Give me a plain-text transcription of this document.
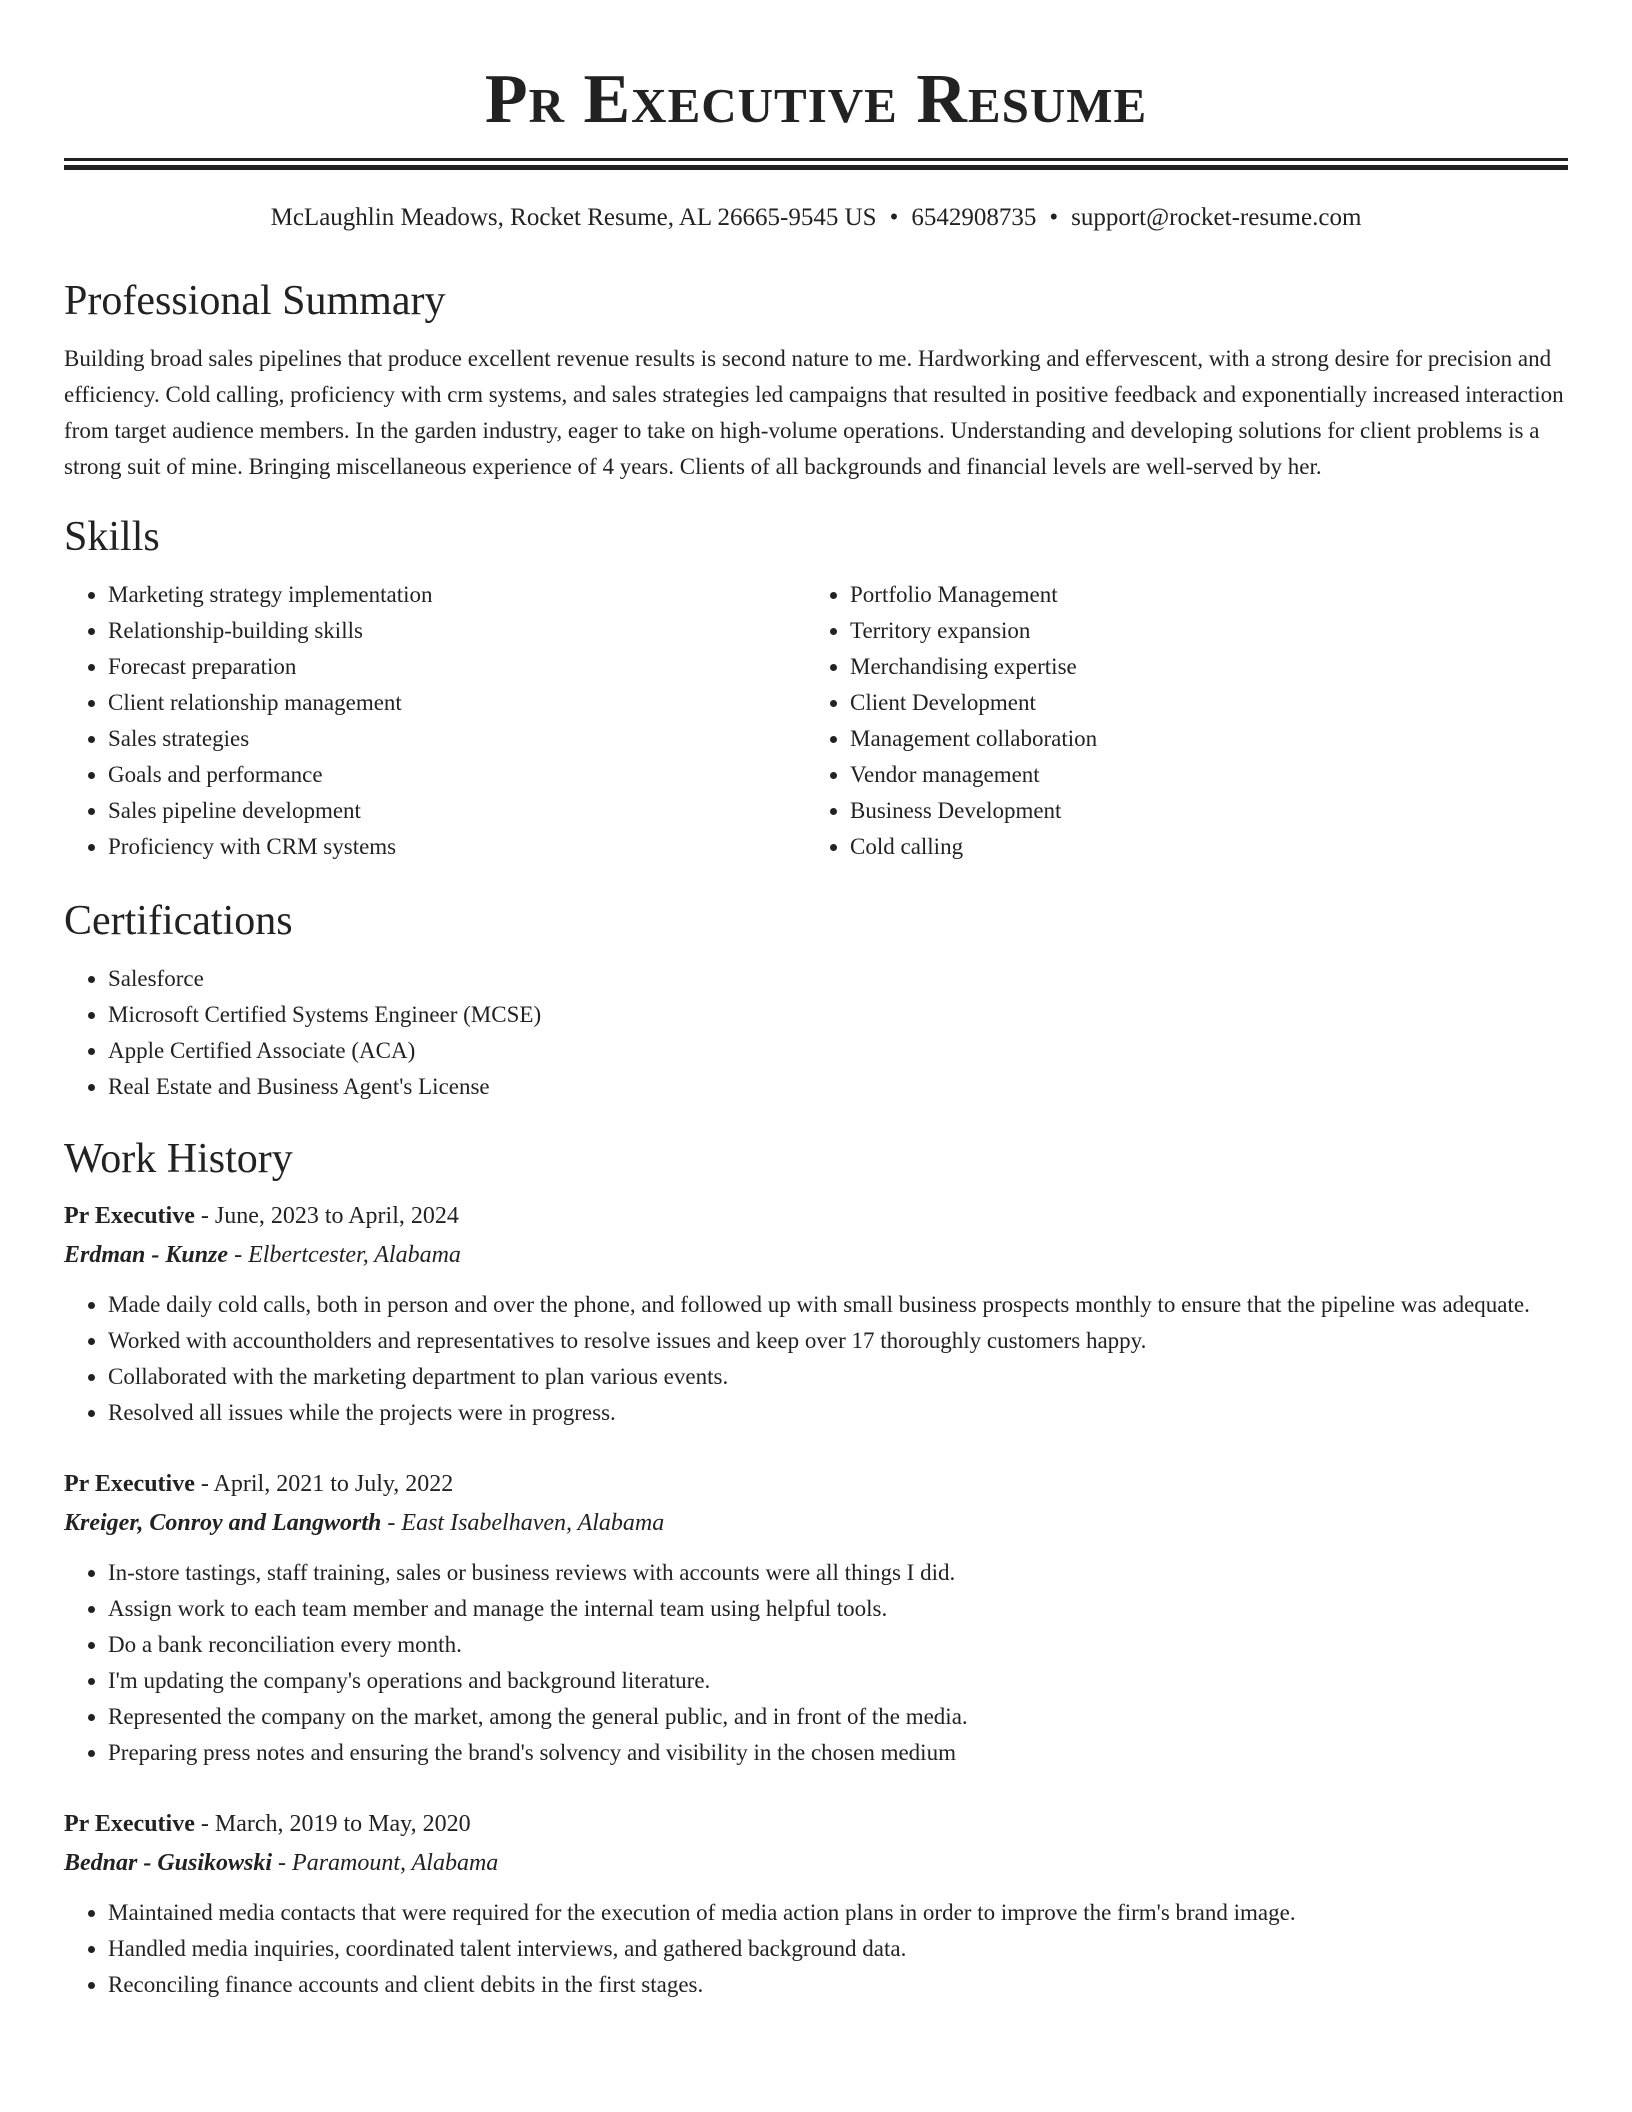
Pr Executive Resume
McLaughlin Meadows, Rocket Resume, AL 26665-9545 US • 6542908735 • support@rocket-resume.com
Professional Summary

Building broad sales pipelines that produce excellent revenue results is second nature to me. Hardworking and effervescent, with a strong desire for precision and efficiency. Cold calling, proficiency with crm systems, and sales strategies led campaigns that resulted in positive feedback and exponentially increased interaction from target audience members. In the garden industry, eager to take on high-volume operations. Understanding and developing solutions for client problems is a strong suit of mine. Bringing miscellaneous experience of 4 years. Clients of all backgrounds and financial levels are well-served by her.

Skills
• Marketing strategy implementation
• Relationship-building skills
• Forecast preparation
• Client relationship management
• Sales strategies
• Goals and performance
• Sales pipeline development
• Proficiency with CRM systems
• Portfolio Management
• Territory expansion
• Merchandising expertise
• Client Development
• Management collaboration
• Vendor management
• Business Development
• Cold calling
Certifications
• Salesforce
• Microsoft Certified Systems Engineer (MCSE)
• Apple Certified Associate (ACA)
• Real Estate and Business Agent's License
Work History
Pr Executive - June, 2023 to April, 2024
Erdman - Kunze - Elbertcester, Alabama
• Made daily cold calls, both in person and over the phone, and followed up with small business prospects monthly to ensure that the pipeline was adequate.
• Worked with accountholders and representatives to resolve issues and keep over 17 thoroughly customers happy.
• Collaborated with the marketing department to plan various events.
• Resolved all issues while the projects were in progress.
Pr Executive - April, 2021 to July, 2022
Kreiger, Conroy and Langworth - East Isabelhaven, Alabama
• In-store tastings, staff training, sales or business reviews with accounts were all things I did.
• Assign work to each team member and manage the internal team using helpful tools.
• Do a bank reconciliation every month.
• I'm updating the company's operations and background literature.
• Represented the company on the market, among the general public, and in front of the media.
• Preparing press notes and ensuring the brand's solvency and visibility in the chosen medium
Pr Executive - March, 2019 to May, 2020
Bednar - Gusikowski - Paramount, Alabama
• Maintained media contacts that were required for the execution of media action plans in order to improve the firm's brand image.
• Handled media inquiries, coordinated talent interviews, and gathered background data.
• Reconciling finance accounts and client debits in the first stages.
